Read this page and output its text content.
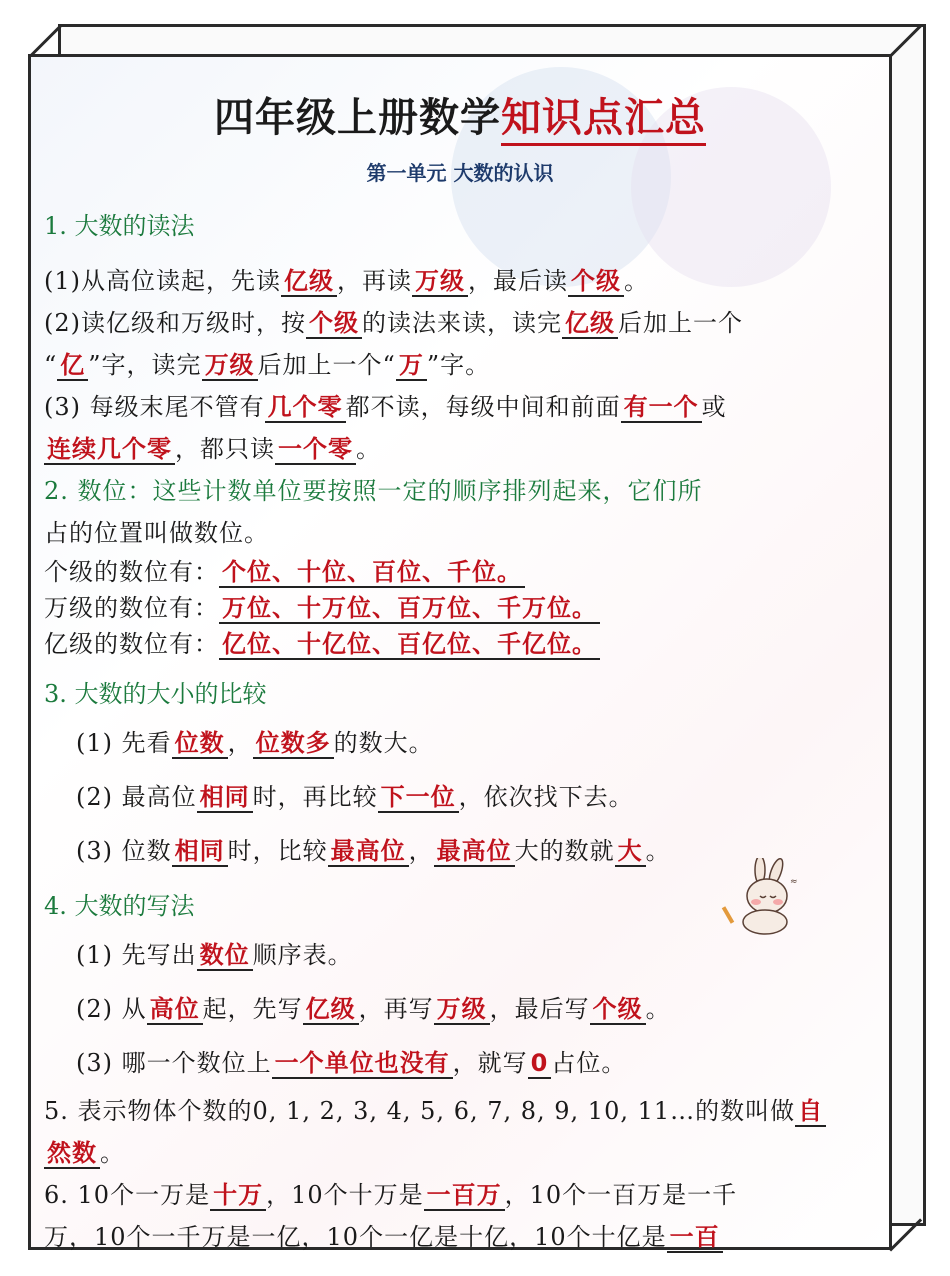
四年级上册数学知识点汇总
第一单元 大数的认识
1. 大数的读法
(1)从高位读起，先读 亿级 ，再读 万级 ，最后读 个级 。
(2)读亿级和万级时，按 个级 的读法来读，读完 亿级 后加上一个
“ 亿 ”字，读完 万级 后加上一个“ 万 ”字。
(3) 每级末尾不管有 几个零 都不读，每级中间和前面 有一个 或
连续几个零 ，都只读 一个零 。
2. 数位：这些计数单位要按照一定的顺序排列起来，它们所
占的位置叫做数位。
个级的数位有： 个位、十位、百位、千位。
万级的数位有： 万位、十万位、百万位、千万位。
亿级的数位有： 亿位、十亿位、百亿位、千亿位。
3. 大数的大小的比较
(1) 先看 位数 ， 位数多 的数大。
(2) 最高位 相同 时，再比较 下一位 ，依次找下去。
(3) 位数 相同 时，比较 最高位 ， 最高位 大的数就 大 。
4. 大数的写法
(1) 先写出 数位 顺序表。
(2) 从 高位 起，先写 亿级 ，再写 万级 ，最后写 个级 。
(3) 哪一个数位上 一个单位也没有 ，就写 0 占位。
5. 表示物体个数的0, 1, 2, 3, 4, 5, 6, 7, 8, 9, 10, 11…的数叫做 自
然数 。
6. 10个一万是 十万 ，10个十万是 一百万 ，10个一百万是一千
万，10个一千万是一亿，10个一亿是十亿，10个十亿是 一百
≈
